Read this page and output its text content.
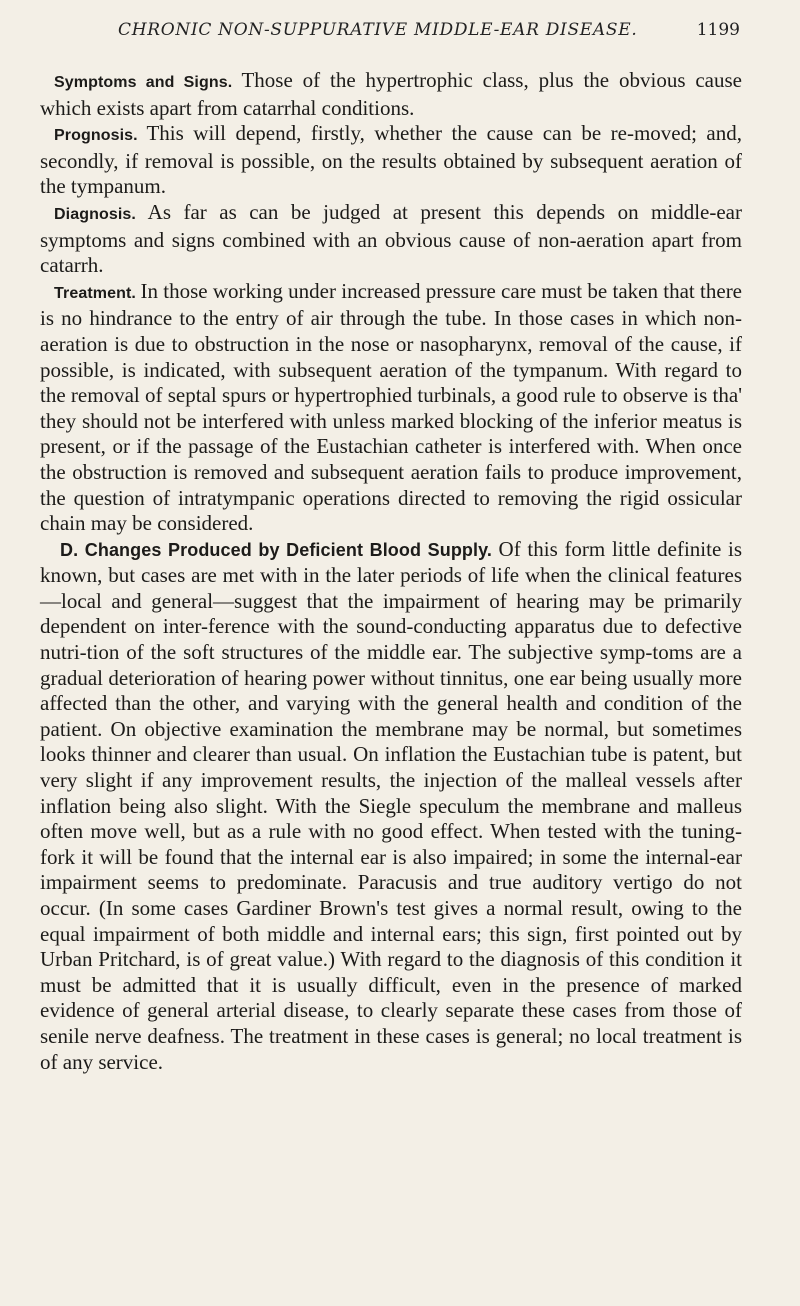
CHRONIC NON-SUPPURATIVE MIDDLE-EAR DISEASE.	1199

Symptoms and Signs. Those of the hypertrophic class, plus the obvious cause which exists apart from catarrhal conditions.

Prognosis. This will depend, firstly, whether the cause can be re-moved; and, secondly, if removal is possible, on the results obtained by subsequent aeration of the tympanum.

Diagnosis. As far as can be judged at present this depends on middle-ear symptoms and signs combined with an obvious cause of non-aeration apart from catarrh.

Treatment. In those working under increased pressure care must be taken that there is no hindrance to the entry of air through the tube. In those cases in which non-aeration is due to obstruction in the nose or nasopharynx, removal of the cause, if possible, is indicated, with subsequent aeration of the tympanum. With regard to the removal of septal spurs or hypertrophied turbinals, a good rule to observe is tha' they should not be interfered with unless marked blocking of the inferior meatus is present, or if the passage of the Eustachian catheter is interfered with. When once the obstruction is removed and subsequent aeration fails to produce improvement, the question of intratympanic operations directed to removing the rigid ossicular chain may be considered.

D. Changes Produced by Deficient Blood Supply. Of this form little definite is known, but cases are met with in the later periods of life when the clinical features—local and general—suggest that the impairment of hearing may be primarily dependent on inter-ference with the sound-conducting apparatus due to defective nutri-tion of the soft structures of the middle ear. The subjective symp-toms are a gradual deterioration of hearing power without tinnitus, one ear being usually more affected than the other, and varying with the general health and condition of the patient. On objective examination the membrane may be normal, but sometimes looks thinner and clearer than usual. On inflation the Eustachian tube is patent, but very slight if any improvement results, the injection of the malleal vessels after inflation being also slight. With the Siegle speculum the membrane and malleus often move well, but as a rule with no good effect. When tested with the tuning-fork it will be found that the internal ear is also impaired; in some the internal-ear impairment seems to predominate. Paracusis and true auditory vertigo do not occur. (In some cases Gardiner Brown's test gives a normal result, owing to the equal impairment of both middle and internal ears; this sign, first pointed out by Urban Pritchard, is of great value.) With regard to the diagnosis of this condition it must be admitted that it is usually difficult, even in the presence of marked evidence of general arterial disease, to clearly separate these cases from those of senile nerve deafness. The treatment in these cases is general; no local treatment is of any service.
